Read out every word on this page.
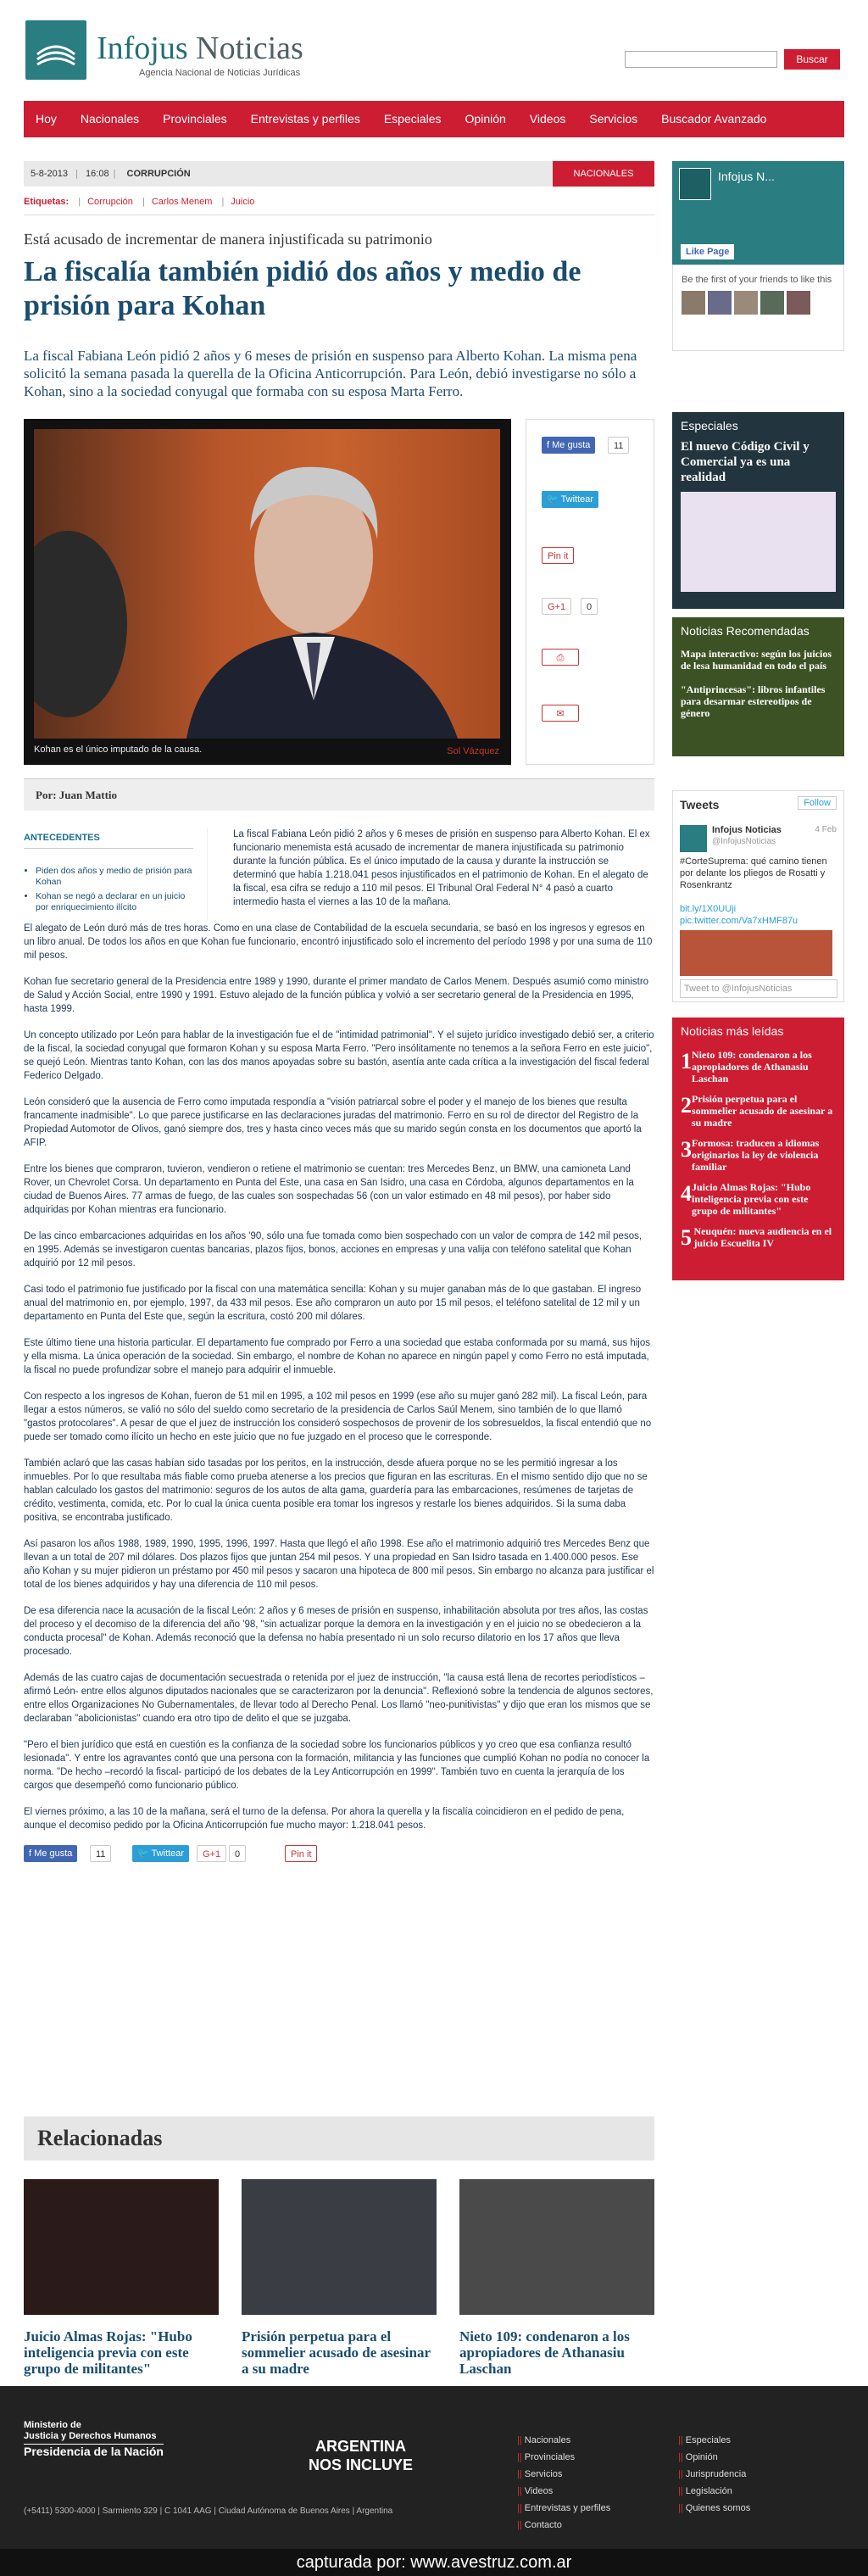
Infojus Noticias
Agencia Nacional de Noticias Jurídicas
Buscar
Hoy	Nacionales	Provinciales	Entrevistas y perfiles	Especiales	Opinión	Videos	Servicios	Buscador Avanzado
5-8-2013 | 16:08 | CORRUPCIÓN	NACIONALES
Etiquetas: | Corrupción | Carlos Menem | Juicio
Está acusado de incrementar de manera injustificada su patrimonio
La fiscalía también pidió dos años y medio de prisión para Kohan
La fiscal Fabiana León pidió 2 años y 6 meses de prisión en suspenso para Alberto Kohan. La misma pena solicitó la semana pasada la querella de la Oficina Anticorrupción. Para León, debió investigarse no sólo a Kohan, sino a la sociedad conyugal que formaba con su esposa Marta Ferro.
Kohan es el único imputado de la causa.	Sol Vázquez
f Me gusta	11
🐦 Twittear
Pin it
G+1	0
⎙
✉
Por: Juan Mattio
ANTECEDENTES
• Piden dos años y medio de prisión para Kohan
• Kohan se negó a declarar en un juicio por enriquecimiento ilícito

La fiscal Fabiana León pidió 2 años y 6 meses de prisión en suspenso para Alberto Kohan. El ex funcionario menemista está acusado de incrementar de manera injustificada su patrimonio durante la función pública. Es el único imputado de la causa y durante la instrucción se determinó que había 1.218.041 pesos injustificados en el patrimonio de Kohan. En el alegato de la fiscal, esa cifra se redujo a 110 mil pesos. El Tribunal Oral Federal N° 4 pasó a cuarto intermedio hasta el viernes a las 10 de la mañana.

El alegato de León duró más de tres horas. Como en una clase de Contabilidad de la escuela secundaria, se basó en los ingresos y egresos en un libro anual. De todos los años en que Kohan fue funcionario, encontró injustificado solo el incremento del período 1998 y por una suma de 110 mil pesos.

Kohan fue secretario general de la Presidencia entre 1989 y 1990, durante el primer mandato de Carlos Menem. Después asumió como ministro de Salud y Acción Social, entre 1990 y 1991. Estuvo alejado de la función pública y volvió a ser secretario general de la Presidencia en 1995, hasta 1999.

Un concepto utilizado por León para hablar de la investigación fue el de "intimidad patrimonial". Y el sujeto jurídico investigado debió ser, a criterio de la fiscal, la sociedad conyugal que formaron Kohan y su esposa Marta Ferro. "Pero insólitamente no tenemos a la señora Ferro en este juicio", se quejó León. Mientras tanto Kohan, con las dos manos apoyadas sobre su bastón, asentía ante cada crítica a la investigación del fiscal federal Federico Delgado.

León consideró que la ausencia de Ferro como imputada respondía a "visión patriarcal sobre el poder y el manejo de los bienes que resulta francamente inadmisible". Lo que parece justificarse en las declaraciones juradas del matrimonio. Ferro en su rol de director del Registro de la Propiedad Automotor de Olivos, ganó siempre dos, tres y hasta cinco veces más que su marido según consta en los documentos que aportó la AFIP.

Entre los bienes que compraron, tuvieron, vendieron o retiene el matrimonio se cuentan: tres Mercedes Benz, un BMW, una camioneta Land Rover, un Chevrolet Corsa. Un departamento en Punta del Este, una casa en San Isidro, una casa en Córdoba, algunos departamentos en la ciudad de Buenos Aires. 77 armas de fuego, de las cuales son sospechadas 56 (con un valor estimado en 48 mil pesos), por haber sido adquiridas por Kohan mientras era funcionario.

De las cinco embarcaciones adquiridas en los años '90, sólo una fue tomada como bien sospechado con un valor de compra de 142 mil pesos, en 1995. Además se investigaron cuentas bancarias, plazos fijos, bonos, acciones en empresas y una valija con teléfono satelital que Kohan adquirió por 12 mil pesos.

Casi todo el patrimonio fue justificado por la fiscal con una matemática sencilla: Kohan y su mujer ganaban más de lo que gastaban. El ingreso anual del matrimonio en, por ejemplo, 1997, da 433 mil pesos. Ese año compraron un auto por 15 mil pesos, el teléfono satelital de 12 mil y un departamento en Punta del Este que, según la escritura, costó 200 mil dólares.

Este último tiene una historia particular. El departamento fue comprado por Ferro a una sociedad que estaba conformada por su mamá, sus hijos y ella misma. La única operación de la sociedad. Sin embargo, el nombre de Kohan no aparece en ningún papel y como Ferro no está imputada, la fiscal no puede profundizar sobre el manejo para adquirir el inmueble.

Con respecto a los ingresos de Kohan, fueron de 51 mil en 1995, a 102 mil pesos en 1999 (ese año su mujer ganó 282 mil). La fiscal León, para llegar a estos números, se valió no sólo del sueldo como secretario de la presidencia de Carlos Saúl Menem, sino también de lo que llamó "gastos protocolares". A pesar de que el juez de instrucción los consideró sospechosos de provenir de los sobresueldos, la fiscal entendió que no puede ser tomado como ilícito un hecho en este juicio que no fue juzgado en el proceso que le corresponde.

También aclaró que las casas habían sido tasadas por los peritos, en la instrucción, desde afuera porque no se les permitió ingresar a los inmuebles. Por lo que resultaba más fiable como prueba atenerse a los precios que figuran en las escrituras. En el mismo sentido dijo que no se hablan calculado los gastos del matrimonio: seguros de los autos de alta gama, guardería para las embarcaciones, resúmenes de tarjetas de crédito, vestimenta, comida, etc. Por lo cual la única cuenta posible era tomar los ingresos y restarle los bienes adquiridos. Si la suma daba positiva, se encontraba justificado.

Así pasaron los años 1988, 1989, 1990, 1995, 1996, 1997. Hasta que llegó el año 1998. Ese año el matrimonio adquirió tres Mercedes Benz que llevan a un total de 207 mil dólares. Dos plazos fijos que juntan 254 mil pesos. Y una propiedad en San Isidro tasada en 1.400.000 pesos. Ese año Kohan y su mujer pidieron un préstamo por 450 mil pesos y sacaron una hipoteca de 800 mil pesos. Sin embargo no alcanza para justificar el total de los bienes adquiridos y hay una diferencia de 110 mil pesos.

De esa diferencia nace la acusación de la fiscal León: 2 años y 6 meses de prisión en suspenso, inhabilitación absoluta por tres años, las costas del proceso y el decomiso de la diferencia del año '98, "sin actualizar porque la demora en la investigación y en el juicio no se obedecieron a la conducta procesal" de Kohan. Además reconoció que la defensa no había presentado ni un solo recurso dilatorio en los 17 años que lleva procesado.

Además de las cuatro cajas de documentación secuestrada o retenida por el juez de instrucción, "la causa está llena de recortes periodísticos –afirmó León- entre ellos algunos diputados nacionales que se caracterizaron por la denuncia". Reflexionó sobre la tendencia de algunos sectores, entre ellos Organizaciones No Gubernamentales, de llevar todo al Derecho Penal. Los llamó "neo-punitivistas" y dijo que eran los mismos que se declaraban "abolicionistas" cuando era otro tipo de delito el que se juzgaba.

"Pero el bien jurídico que está en cuestión es la confianza de la sociedad sobre los funcionarios públicos y yo creo que esa confianza resultó lesionada". Y entre los agravantes contó que una persona con la formación, militancia y las funciones que cumplió Kohan no podía no conocer la norma. "De hecho –recordó la fiscal- participó de los debates de la Ley Anticorrupción en 1999". También tuvo en cuenta la jerarquía de los cargos que desempeñó como funcionario público.

El viernes próximo, a las 10 de la mañana, será el turno de la defensa. Por ahora la querella y la fiscalía coincidieron en el pedido de pena, aunque el decomiso pedido por la Oficina Anticorrupción fue mucho mayor: 1.218.041 pesos.

f Me gusta	11	🐦 Twittear	G+1	0	Pin it
Infojus N...
Like Page
Be the first of your friends to like this
Especiales
El nuevo Código Civil y Comercial ya es una realidad
Noticias Recomendadas
Mapa interactivo: según los juicios de lesa humanidad en todo el país
"Antiprincesas": libros infantiles para desarmar estereotipos de género
Tweets	Follow
Infojus Noticias	4 Feb
@InfojusNoticias
#CorteSuprema: qué camino tienen por delante los pliegos de Rosatti y Rosenkrantz
bit.ly/1X0UUji pic.twitter.com/Va7xHMF87u
Tweet to @InfojusNoticias
Noticias más leídas
1 Nieto 109: condenaron a los apropiadores de Athanasiu Laschan
2 Prisión perpetua para el sommelier acusado de asesinar a su madre
3 Formosa: traducen a idiomas originarios la ley de violencia familiar
4 Juicio Almas Rojas: "Hubo inteligencia previa con este grupo de militantes"
5 Neuquén: nueva audiencia en el juicio Escuelita IV
Relacionadas
Juicio Almas Rojas: "Hubo inteligencia previa con este grupo de militantes"
Prisión perpetua para el sommelier acusado de asesinar a su madre
Nieto 109: condenaron a los apropiadores de Athanasiu Laschan
Ministerio de
Justicia y Derechos Humanos
Presidencia de la Nación	ARGENTINA
NOS INCLUYE
(+5411) 5300-4000 | Sarmiento 329 | C 1041 AAG | Ciudad Autónoma de Buenos Aires | Argentina
|| Nacionales
|| Provinciales
|| Servicios
|| Videos
|| Entrevistas y perfiles
|| Contacto
|| Especiales
|| Opinión
|| Jurisprudencia
|| Legislación
|| Quienes somos
capturada por: www.avestruz.com.ar
